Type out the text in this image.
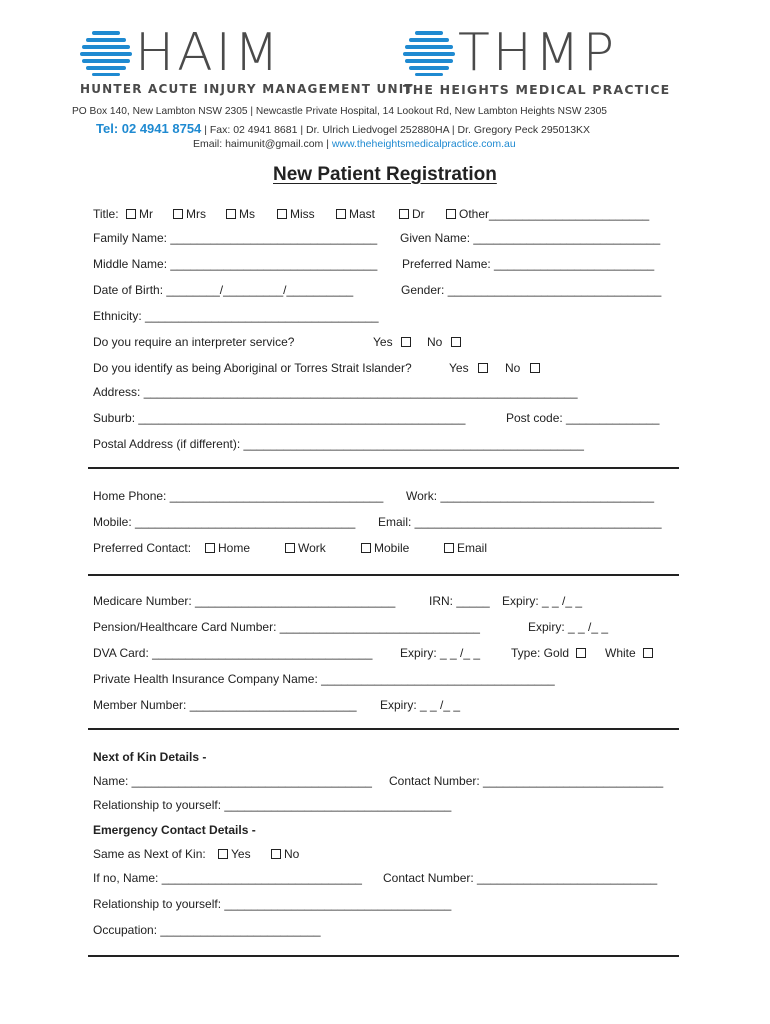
HAIM
HUNTER ACUTE INJURY MANAGEMENT UNIT
THMP
THE HEIGHTS MEDICAL PRACTICE
PO Box 140, New Lambton NSW 2305 | Newcastle Private Hospital, 14 Lookout Rd, New Lambton Heights NSW 2305
Tel: 02 4941 8754 | Fax: 02 4941 8681 | Dr. Ulrich Liedvogel 252880HA | Dr. Gregory Peck 295013KX
Email: haimunit@gmail.com | www.theheightsmedicalpractice.com.au
New Patient Registration
Title:	Mr	Mrs	Ms	Miss	Mast	Dr	Other________________________
Family Name: _______________________________ Given Name: ____________________________
Middle Name: _______________________________ Preferred Name: ________________________
Date of Birth: ________/_________/__________	Gender: ________________________________
Ethnicity: ___________________________________
Do you require an interpreter service?	Yes	No
Do you identify as being Aboriginal or Torres Strait Islander?	Yes	No
Address: _________________________________________________________________
Suburb: _________________________________________________	Post code: ______________
Postal Address (if different): ___________________________________________________
Home Phone: ________________________________ Work: ________________________________
Mobile: _________________________________ Email: _____________________________________
Preferred Contact:	Home	Work	Mobile	Email
Medicare Number: ______________________________	IRN: _____ Expiry: _ _ /_ _
Pension/Healthcare Card Number: ______________________________	Expiry: _ _ /_ _
DVA Card: _________________________________ Expiry: _ _ /_ _	Type: Gold	White
Private Health Insurance Company Name: ___________________________________
Member Number: _________________________ Expiry: _ _ /_ _
Next of Kin Details -
Name: ____________________________________ Contact Number: ___________________________
Relationship to yourself: __________________________________
Emergency Contact Details -
Same as Next of Kin:	Yes	No
If no, Name: ______________________________ Contact Number: ___________________________
Relationship to yourself: __________________________________
Occupation: ________________________
